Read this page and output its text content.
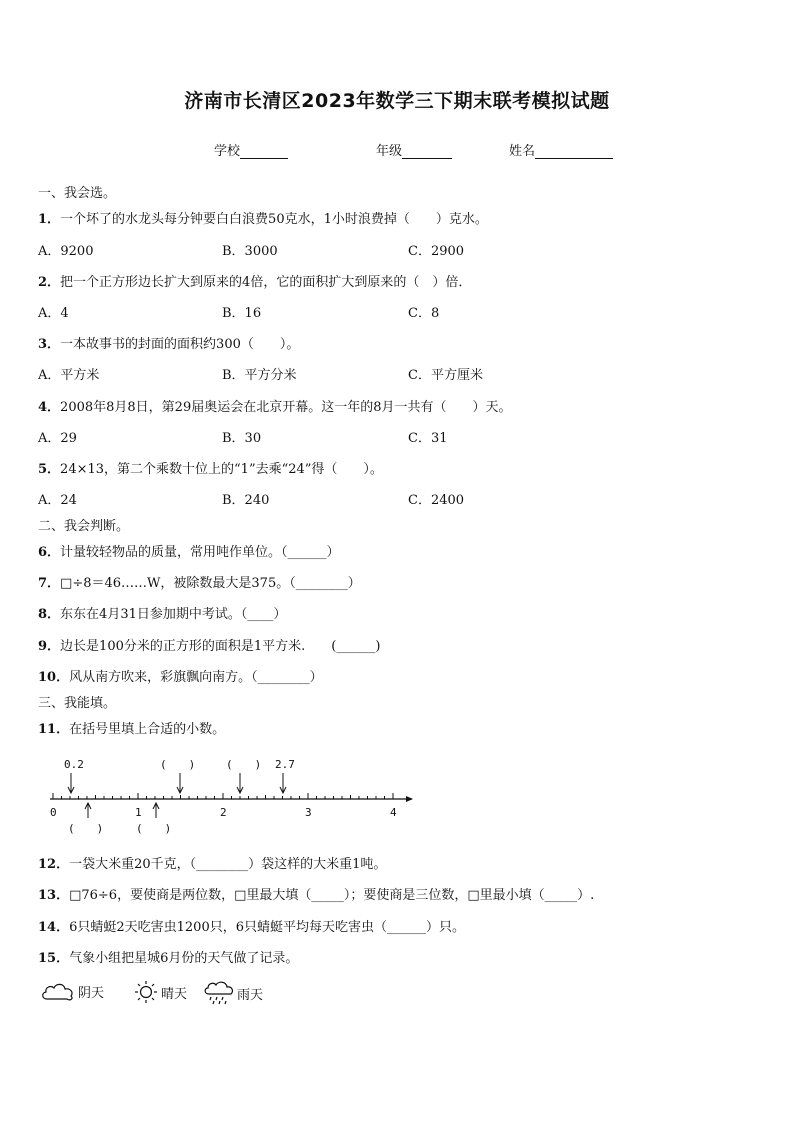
济南市长清区2023年数学三下期末联考模拟试题
学校	年级	姓名
一、我会选。
1．一个坏了的水龙头每分钟要白白浪费50克水，1小时浪费掉（　　）克水。
A．9200	B．3000	C．2900
2．把一个正方形边长扩大到原来的4倍，它的面积扩大到原来的（　）倍．
A．4	B．16	C．8
3．一本故事书的封面的面积约300（　　）。
A．平方米	B．平方分米	C．平方厘米
4．2008年8月8日，第29届奥运会在北京开幕。这一年的8月一共有（　　）天。
A．29	B．30	C．31
5．24×13，第二个乘数十位上的“1”去乘“24”得（　　）。
A．24	B．240	C．2400
二、我会判断。
6．计量较轻物品的质量，常用吨作单位。（______）
7．□÷8＝46……W，被除数最大是375。（________）
8．东东在4月31日参加期中考试。（____）
9．边长是100分米的正方形的面积是1平方米.　　(______)
10．风从南方吹来，彩旗飘向南方。（________）
三、我能填。
11．在括号里填上合适的小数。
0.2	(　　)	(　　) 2.7
0	1	2	3	4
(　　)	(　　)
12．一袋大米重20千克，（________）袋这样的大米重1吨。
13．□76÷6，要使商是两位数，□里最大填（_____）；要使商是三位数，□里最小填（_____）.
14．6只蜻蜓2天吃害虫1200只，6只蜻蜓平均每天吃害虫（______）只。
15．气象小组把星城6月份的天气做了记录。
阴天	晴天	雨天
